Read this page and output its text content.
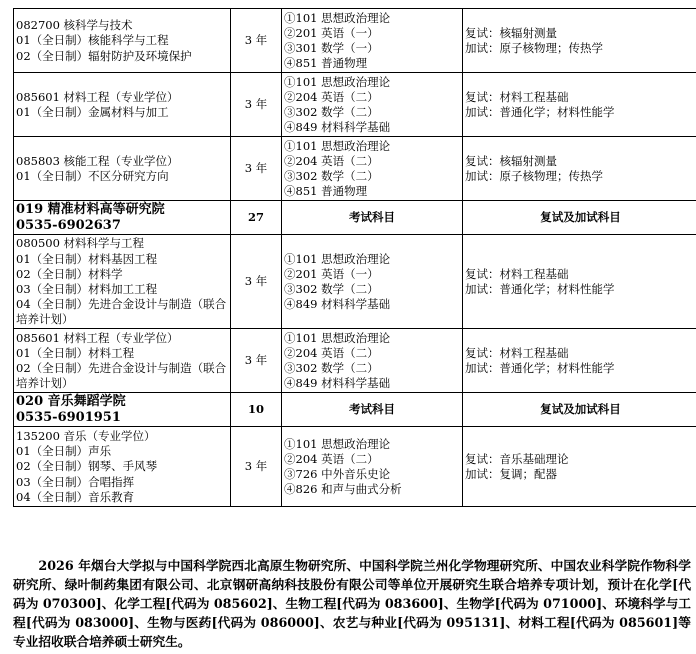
082700 核科学与技术
01（全日制）核能科学与工程
02（全日制）辐射防护及环境保护	3 年	①101 思想政治理论
②201 英语（一）
③301 数学（一）
④851 普通物理	复试：核辐射测量
加试：原子核物理；传热学

085601 材料工程（专业学位）
01（全日制）金属材料与加工	3 年	①101 思想政治理论
②204 英语（二）
③302 数学（二）
④849 材料科学基础	复试：材料工程基础
加试：普通化学；材料性能学

085803 核能工程（专业学位）
01（全日制）不区分研究方向	3 年	①101 思想政治理论
②204 英语（二）
③302 数学（二）
④851 普通物理	复试：核辐射测量
加试：原子核物理；传热学

019 精准材料高等研究院
0535-6902637	27	考试科目	复试及加试科目

080500 材料科学与工程
01（全日制）材料基因工程
02（全日制）材料学
03（全日制）材料加工工程
04（全日制）先进合金设计与制造（联合培养计划）	3 年	①101 思想政治理论
②201 英语（一）
③302 数学（二）
④849 材料科学基础	复试：材料工程基础
加试：普通化学；材料性能学

085601 材料工程（专业学位）
01（全日制）材料工程
02（全日制）先进合金设计与制造（联合培养计划）	3 年	①101 思想政治理论
②204 英语（二）
③302 数学（二）
④849 材料科学基础	复试：材料工程基础
加试：普通化学；材料性能学

020 音乐舞蹈学院
0535-6901951	10	考试科目	复试及加试科目

135200 音乐（专业学位）
01（全日制）声乐
02（全日制）钢琴、手风琴
03（全日制）合唱指挥
04（全日制）音乐教育	3 年	①101 思想政治理论
②204 英语（二）
③726 中外音乐史论
④826 和声与曲式分析	复试：音乐基础理论
加试：复调；配器

2026 年烟台大学拟与中国科学院西北高原生物研究所、中国科学院兰州化学物理研究所、中国农业科学院作物科学研究所、绿叶制药集团有限公司、北京钢研高纳科技股份有限公司等单位开展研究生联合培养专项计划，预计在化学[代码为 070300]、化学工程[代码为 085602]、生物工程[代码为 083600]、生物学[代码为 071000]、环境科学与工程[代码为 083000]、生物与医药[代码为 086000]、农艺与种业[代码为 095131]、材料工程[代码为 085601]等专业招收联合培养硕士研究生。
